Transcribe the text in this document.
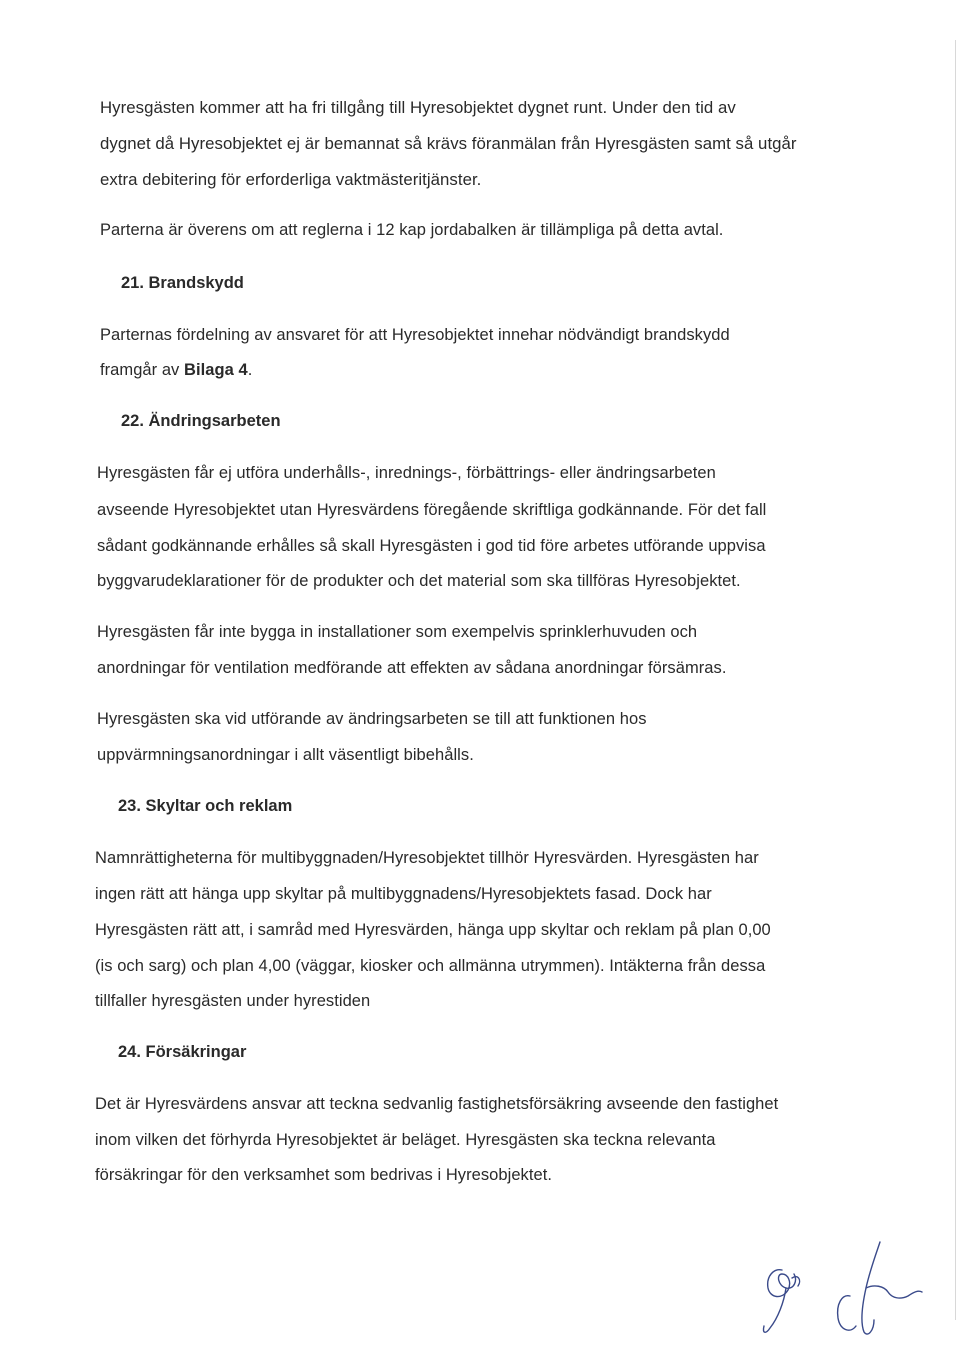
Hyresgästen kommer att ha fri tillgång till Hyresobjektet dygnet runt. Under den tid av
dygnet då Hyresobjektet ej är bemannat så krävs föranmälan från Hyresgästen samt så utgår
extra debitering för erforderliga vaktmästeritjänster.
Parterna är överens om att reglerna i 12 kap jordabalken är tillämpliga på detta avtal.
21. Brandskydd
Parternas fördelning av ansvaret för att Hyresobjektet innehar nödvändigt brandskydd
framgår av Bilaga 4.
22. Ändringsarbeten
Hyresgästen får ej utföra underhålls-, inrednings-, förbättrings- eller ändringsarbeten
avseende Hyresobjektet utan Hyresvärdens föregående skriftliga godkännande. För det fall
sådant godkännande erhålles så skall Hyresgästen i god tid före arbetes utförande uppvisa
byggvarudeklarationer för de produkter och det material som ska tillföras Hyresobjektet.
Hyresgästen får inte bygga in installationer som exempelvis sprinklerhuvuden och
anordningar för ventilation medförande att effekten av sådana anordningar försämras.
Hyresgästen ska vid utförande av ändringsarbeten se till att funktionen hos
uppvärmningsanordningar i allt väsentligt bibehålls.
23. Skyltar och reklam
Namnrättigheterna för multibyggnaden/Hyresobjektet tillhör Hyresvärden. Hyresgästen har
ingen rätt att hänga upp skyltar på multibyggnadens/Hyresobjektets fasad. Dock har
Hyresgästen rätt att, i samråd med Hyresvärden, hänga upp skyltar och reklam på plan 0,00
(is och sarg) och plan 4,00 (väggar, kiosker och allmänna utrymmen). Intäkterna från dessa
tillfaller hyresgästen under hyrestiden
24. Försäkringar
Det är Hyresvärdens ansvar att teckna sedvanlig fastighetsförsäkring avseende den fastighet
inom vilken det förhyrda Hyresobjektet är beläget. Hyresgästen ska teckna relevanta
försäkringar för den verksamhet som bedrivas i Hyresobjektet.
